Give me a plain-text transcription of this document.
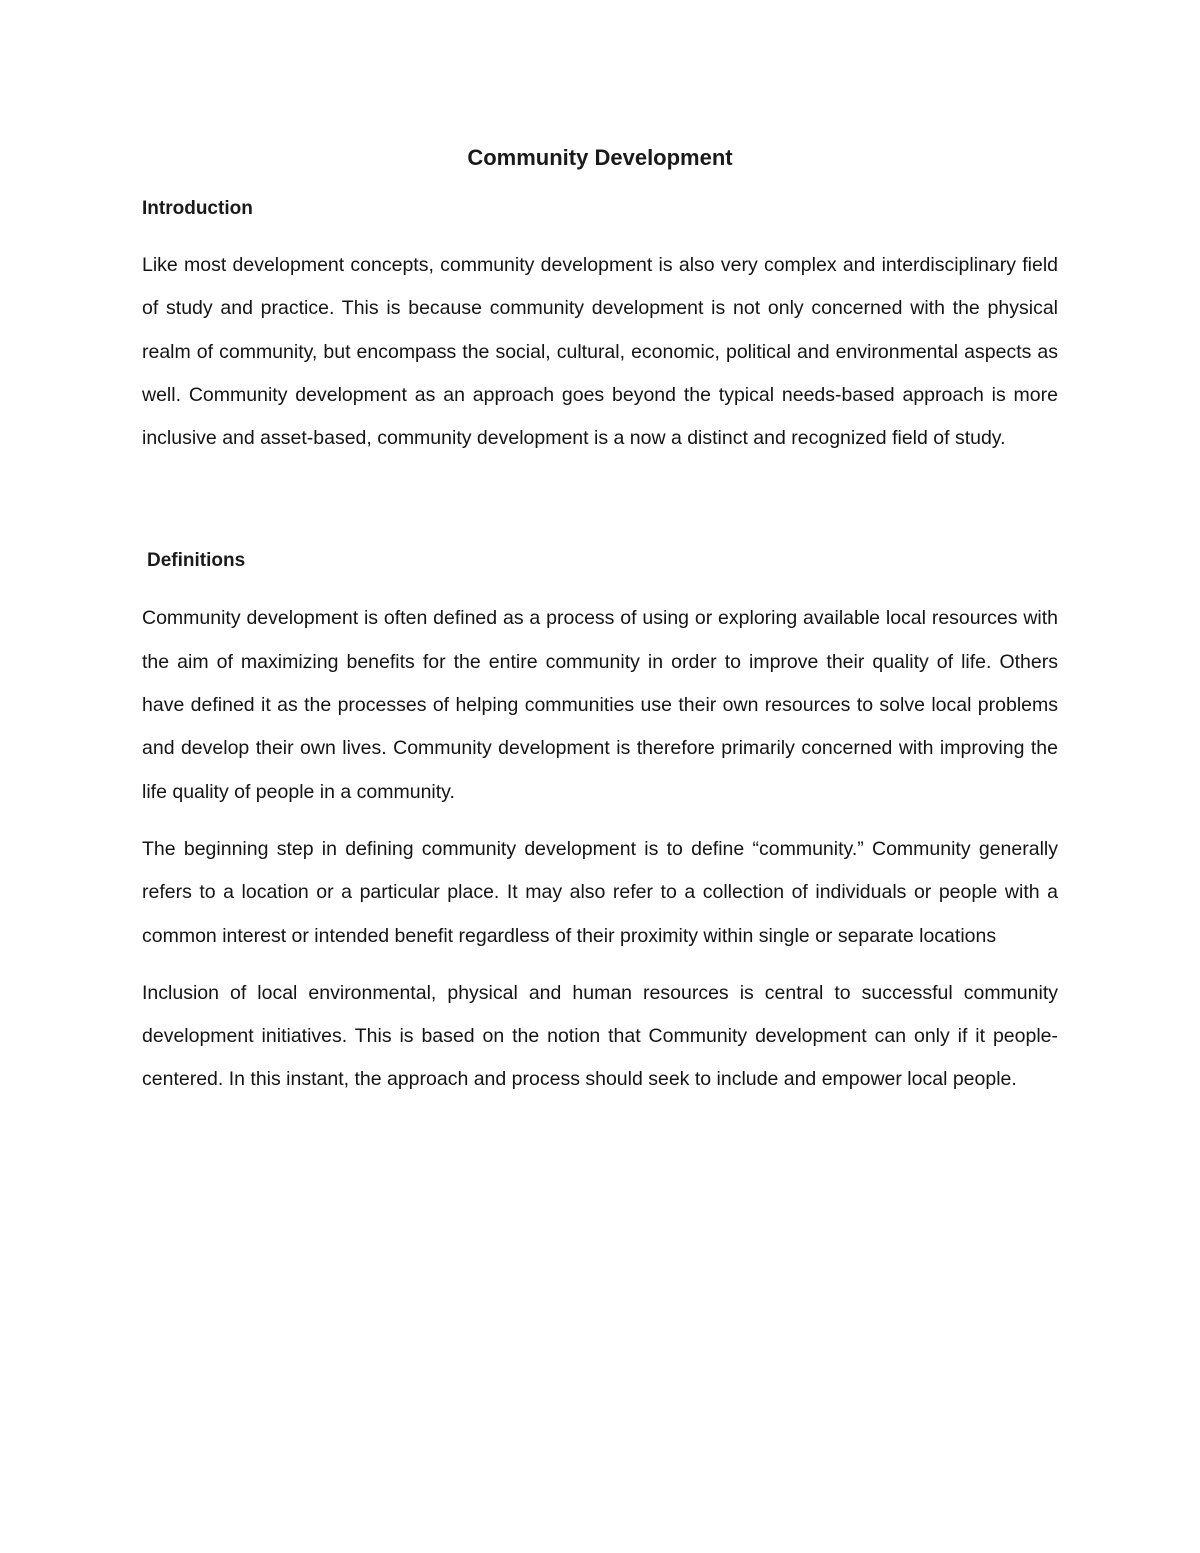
Community Development
Introduction

Like most development concepts, community development is also very complex and interdisciplinary field of study and practice. This is because community development is not only concerned with the physical realm of community, but encompass the social, cultural, economic, political and environmental aspects as well. Community development as an approach goes beyond the typical needs-based approach is more inclusive and asset-based, community development is a now a distinct and recognized field of study.

Definitions

Community development is often defined as a process of using or exploring available local resources with the aim of maximizing benefits for the entire community in order to improve their quality of life. Others have defined it as the processes of helping communities use their own resources to solve local problems and develop their own lives. Community development is therefore primarily concerned with improving the life quality of people in a community.

The beginning step in defining community development is to define “community.” Community generally refers to a location or a particular place. It may also refer to a collection of individuals or people with a common interest or intended benefit regardless of their proximity within single or separate locations

Inclusion of local environmental, physical and human resources is central to successful community development initiatives. This is based on the notion that Community development can only if it people-centered. In this instant, the approach and process should seek to include and empower local people.
